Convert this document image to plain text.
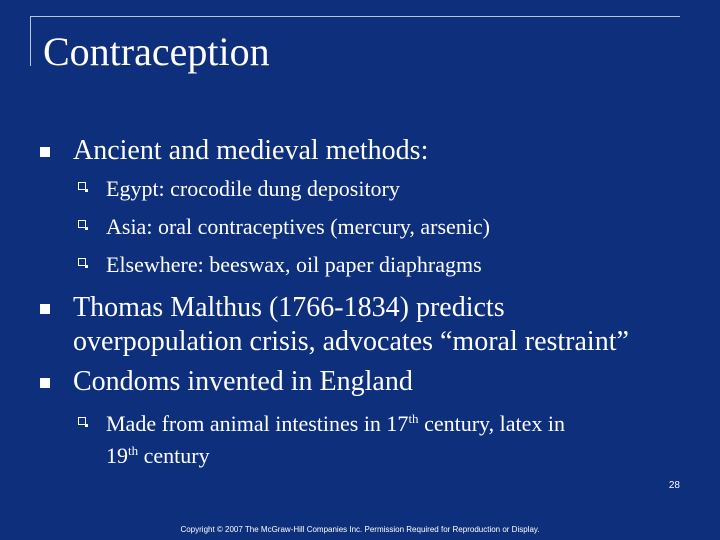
Contraception
Ancient and medieval methods:
Egypt: crocodile dung depository
Asia: oral contraceptives (mercury, arsenic)
Elsewhere: beeswax, oil paper diaphragms
Thomas Malthus (1766-1834) predicts
overpopulation crisis, advocates “moral restraint”
Condoms invented in England
Made from animal intestines in 17th century, latex in
19th century
28
Copyright © 2007 The McGraw-Hill Companies Inc. Permission Required for Reproduction or Display.
